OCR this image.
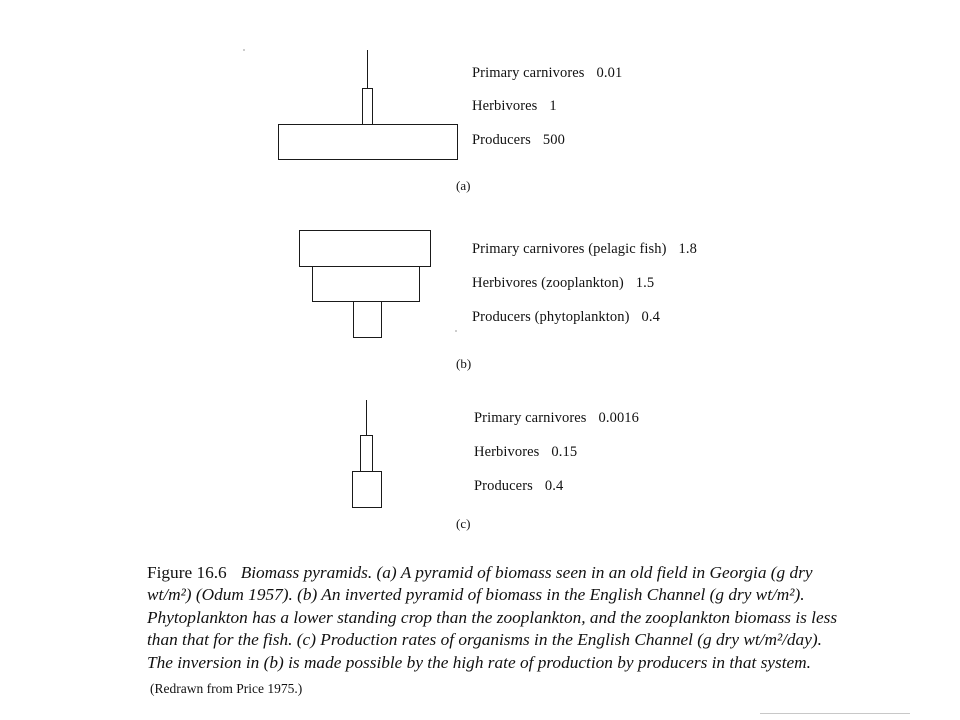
Primary carnivores 0.01
Herbivores 1
Producers 500
(a)
Primary carnivores (pelagic fish) 1.8
Herbivores (zooplankton) 1.5
Producers (phytoplankton) 0.4
(b)
Primary carnivores 0.0016
Herbivores 0.15
Producers 0.4
(c)
Figure 16.6 Biomass pyramids. (a) A pyramid of biomass seen in an old field in Georgia (g dry
wt/m²) (Odum 1957). (b) An inverted pyramid of biomass in the English Channel (g dry wt/m²).
Phytoplankton has a lower standing crop than the zooplankton, and the zooplankton biomass is less
than that for the fish. (c) Production rates of organisms in the English Channel (g dry wt/m²/day).
The inversion in (b) is made possible by the high rate of production by producers in that system.
(Redrawn from Price 1975.)
